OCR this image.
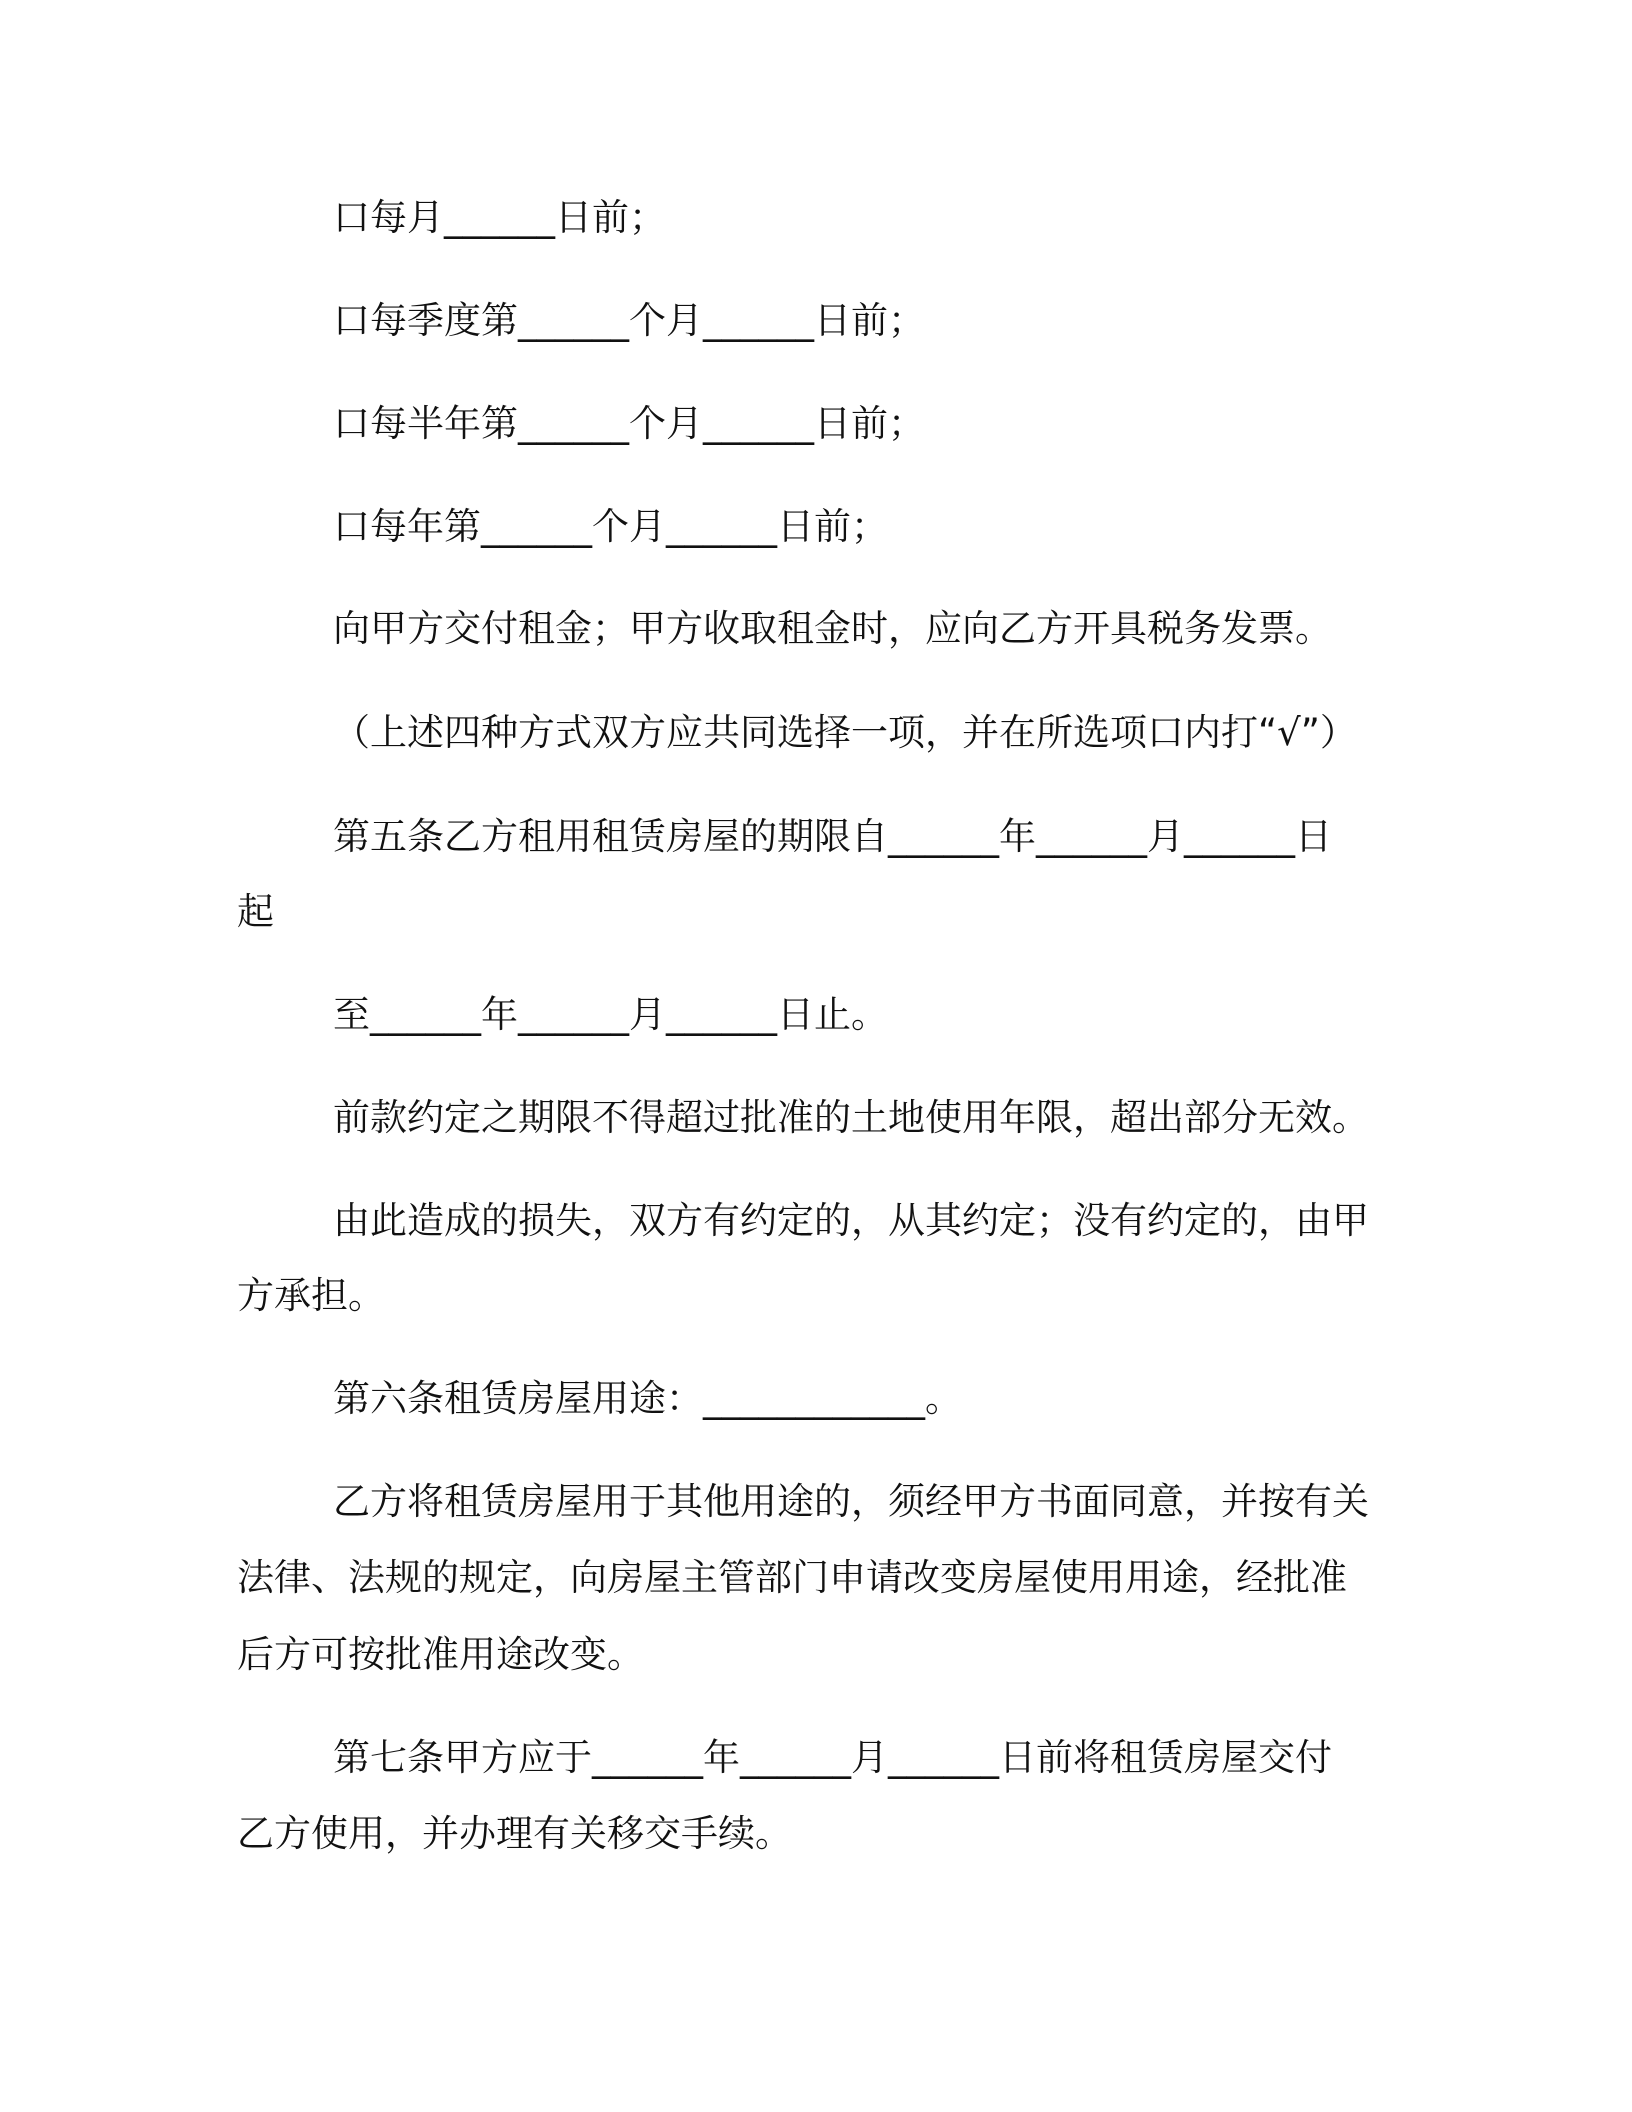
口每月______日前；
口每季度第______个月______日前；
口每半年第______个月______日前；
口每年第______个月______日前；
向甲方交付租金；甲方收取租金时，应向乙方开具税务发票。
（上述四种方式双方应共同选择一项，并在所选项口内打“√”）
第五条乙方租用租赁房屋的期限自______年______月______日
起
至______年______月______日止。
前款约定之期限不得超过批准的土地使用年限，超出部分无效。
由此造成的损失，双方有约定的，从其约定；没有约定的，由甲
方承担。
第六条租赁房屋用途：____________。
乙方将租赁房屋用于其他用途的，须经甲方书面同意，并按有关
法律、法规的规定，向房屋主管部门申请改变房屋使用用途，经批准
后方可按批准用途改变。
第七条甲方应于______年______月______日前将租赁房屋交付
乙方使用，并办理有关移交手续。
